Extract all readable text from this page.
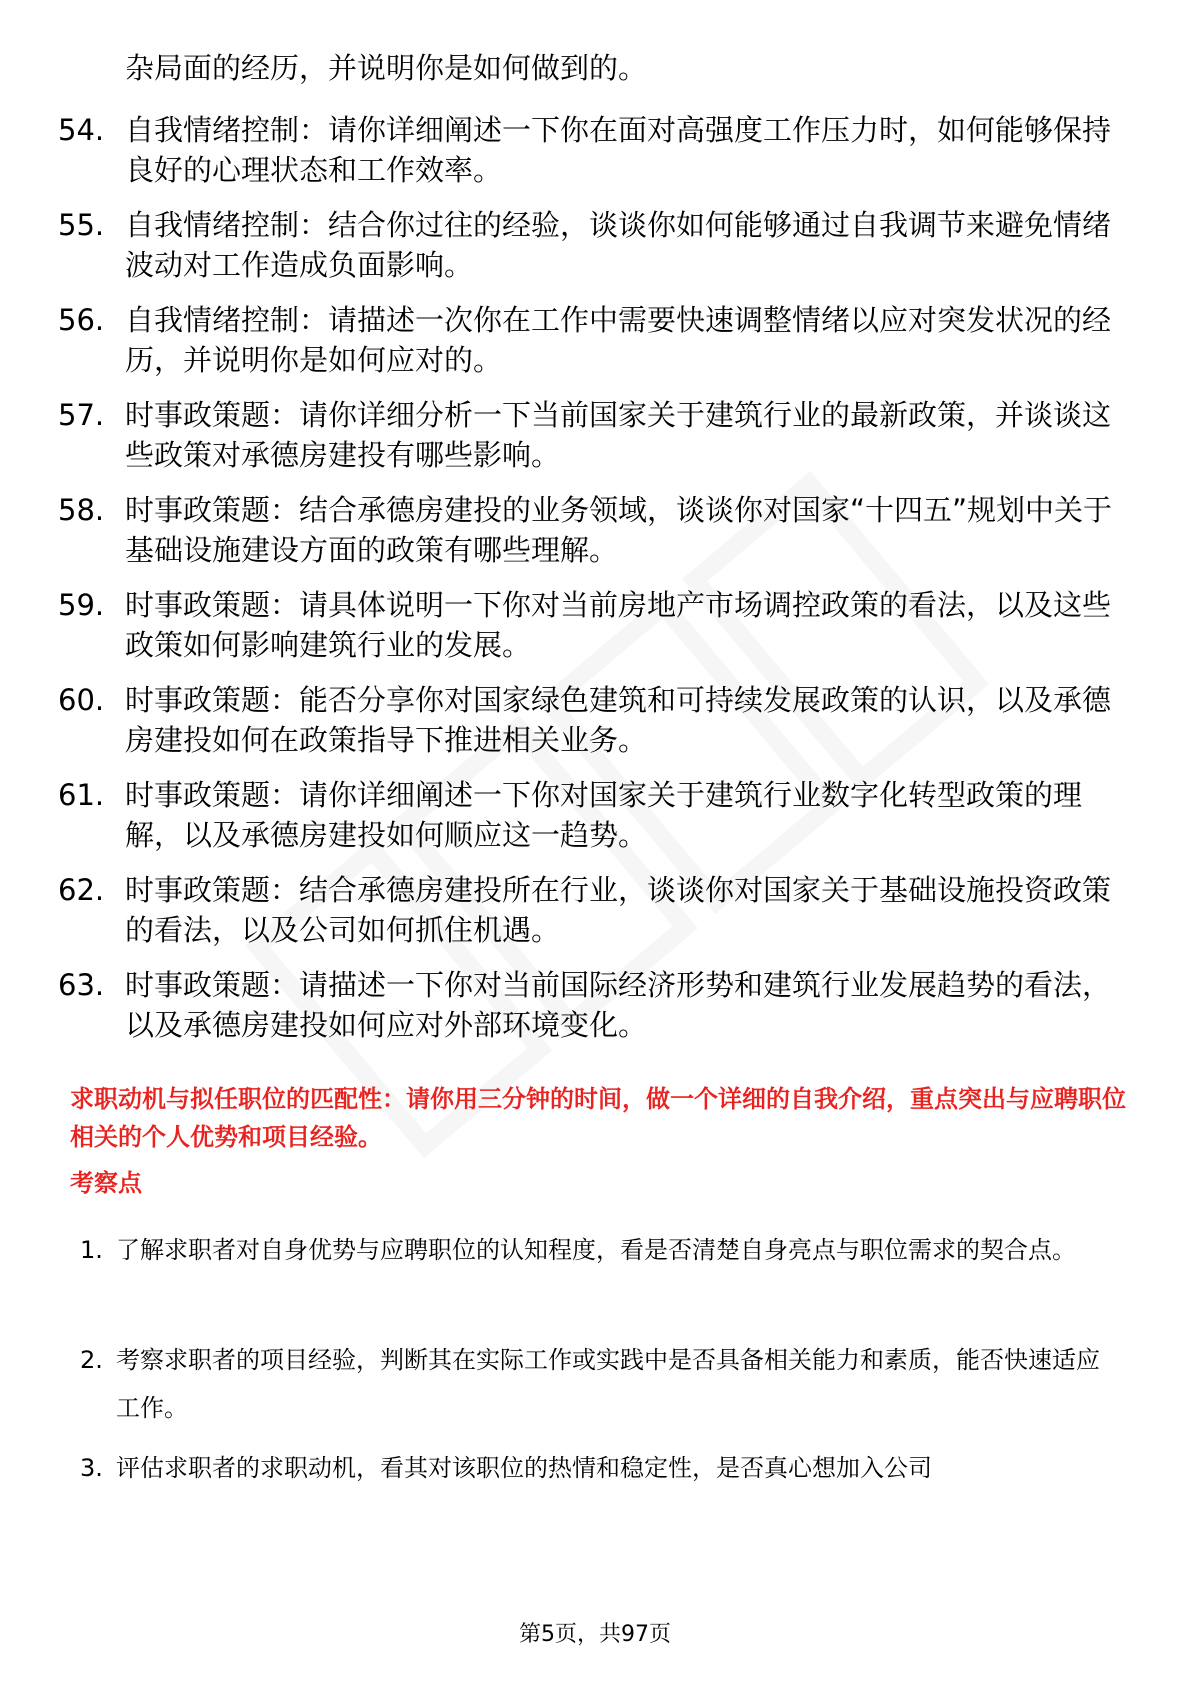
杂局面的经历，并说明你是如何做到的。
54. 自我情绪控制：请你详细阐述一下你在面对高强度工作压力时，如何能够保持良好的心理状态和工作效率。
55. 自我情绪控制：结合你过往的经验，谈谈你如何能够通过自我调节来避免情绪波动对工作造成负面影响。
56. 自我情绪控制：请描述一次你在工作中需要快速调整情绪以应对突发状况的经历，并说明你是如何应对的。
57. 时事政策题：请你详细分析一下当前国家关于建筑行业的最新政策，并谈谈这些政策对承德房建投有哪些影响。
58. 时事政策题：结合承德房建投的业务领域，谈谈你对国家“十四五”规划中关于基础设施建设方面的政策有哪些理解。
59. 时事政策题：请具体说明一下你对当前房地产市场调控政策的看法，以及这些政策如何影响建筑行业的发展。
60. 时事政策题：能否分享你对国家绿色建筑和可持续发展政策的认识，以及承德房建投如何在政策指导下推进相关业务。
61. 时事政策题：请你详细阐述一下你对国家关于建筑行业数字化转型政策的理解，以及承德房建投如何顺应这一趋势。
62. 时事政策题：结合承德房建投所在行业，谈谈你对国家关于基础设施投资政策的看法，以及公司如何抓住机遇。
63. 时事政策题：请描述一下你对当前国际经济形势和建筑行业发展趋势的看法，以及承德房建投如何应对外部环境变化。
求职动机与拟任职位的匹配性：请你用三分钟的时间，做一个详细的自我介绍，重点突出与应聘职位相关的个人优势和项目经验。
考察点
1. 了解求职者对自身优势与应聘职位的认知程度，看是否清楚自身亮点与职位需求的契合点。
2. 考察求职者的项目经验，判断其在实际工作或实践中是否具备相关能力和素质，能否快速适应工作。
3. 评估求职者的求职动机，看其对该职位的热情和稳定性，是否真心想加入公司
第5页，共97页
